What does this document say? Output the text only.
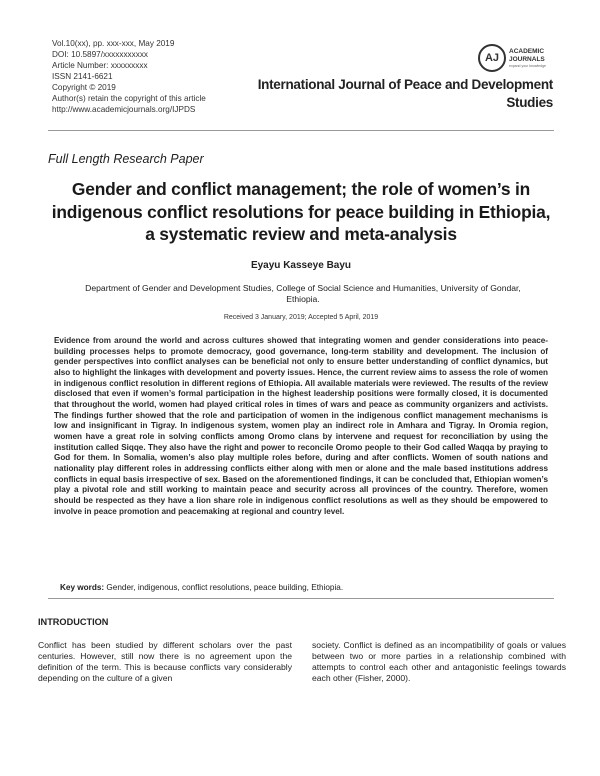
Vol.10(xx), pp. xxx-xxx, May 2019
DOI: 10.5897/xxxxxxxxxxx
Article Number: xxxxxxxxx
ISSN 2141-6621
Copyright © 2019
Author(s) retain the copyright of this article
http://www.academicjournals.org/IJPDS
AJ
ACADEMIC
JOURNALS
expand your knowledge
International Journal of Peace and Development
Studies
Full Length Research Paper
Gender and conflict management; the role of women’s in indigenous conflict resolutions for peace building in Ethiopia, a systematic review and meta-analysis
Eyayu Kasseye Bayu
Department of Gender and Development Studies, College of Social Science and Humanities, University of Gondar, Ethiopia.
Received 3 January, 2019; Accepted 5 April, 2019
Evidence from around the world and across cultures showed that integrating women and gender considerations into peace-building processes helps to promote democracy, good governance, long-term stability and development. The inclusion of gender perspectives into conflict analyses can be beneficial not only to ensure better understanding of conflict dynamics, but also to highlight the linkages with development and poverty issues. Hence, the current review aims to assess the role of women in indigenous conflict resolution in different regions of Ethiopia. All available materials were reviewed. The results of the review disclosed that even if women’s formal participation in the highest leadership positions were formally closed, it is documented that throughout the world, women had played critical roles in times of wars and peace as community organizers and activists. The findings further showed that the role and participation of women in the indigenous conflict management mechanisms is low and insignificant in Tigray. In indigenous system, women play an indirect role in Amhara and Tigray. In Oromia region, women have a great role in solving conflicts among Oromo clans by intervene and request for reconciliation by using the institution called Siqqe. They also have the right and power to reconcile Oromo people to their God called Waqqa by praying to God for them. In Somalia, women’s also play multiple roles before, during and after conflicts. Women of south nations and nationality play different roles in addressing conflicts either along with men or alone and the male based institutions address conflicts in equal basis irrespective of sex. Based on the aforementioned findings, it can be concluded that, Ethiopian women’s play a pivotal role and still working to maintain peace and security across all provinces of the country. Therefore, women should be respected as they have a lion share role in indigenous conflict resolutions as well as they should be empowered to involve in peace promotion and peacemaking at regional and country level.
Key words: Gender, indigenous, conflict resolutions, peace building, Ethiopia.
INTRODUCTION
Conflict has been studied by different scholars over the past centuries. However, still now there is no agreement upon the definition of the term. This is because conflicts vary considerably depending on the culture of a given
society. Conflict is defined as an incompatibility of goals or values between two or more parties in a relationship combined with attempts to control each other and antagonistic feelings towards each other (Fisher, 2000).
